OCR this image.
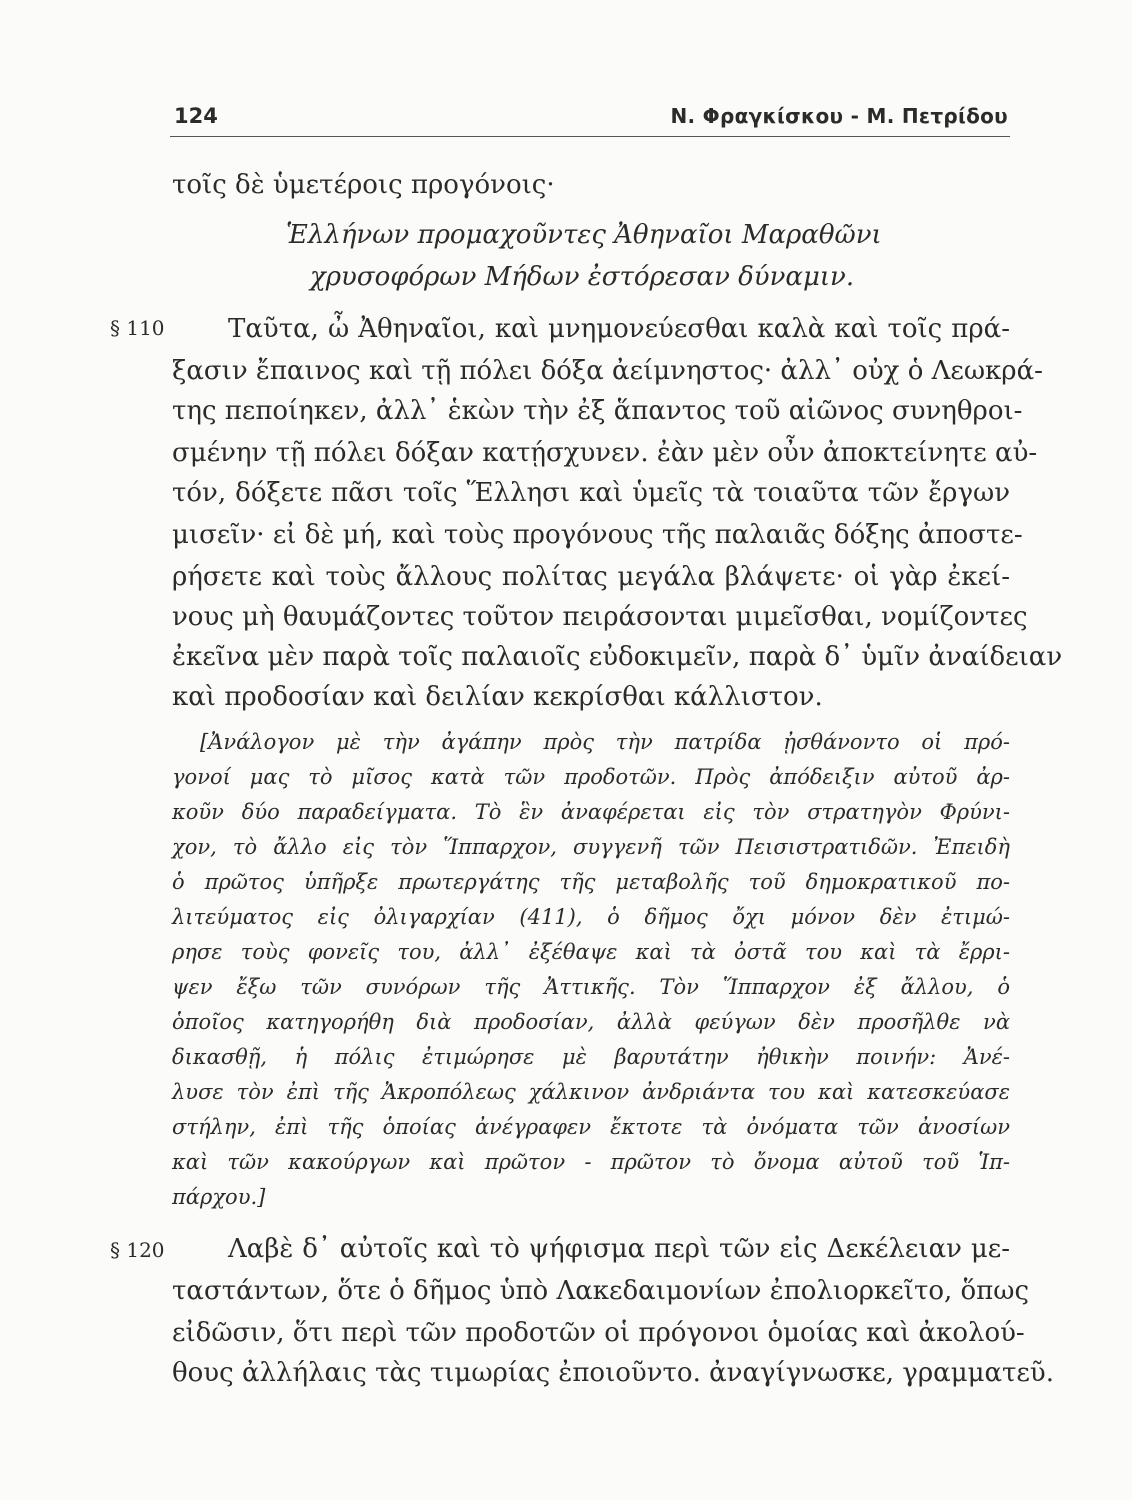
124	Ν. Φραγκίσκου - Μ. Πετρίδου
τοῖς δὲ ὑμετέροις προγόνοις·
Ἑλλήνων προμαχοῦντες Ἀθηναῖοι Μαραθῶνι
χρυσοφόρων Μήδων ἐστόρεσαν δύναμιν.
§ 110 Ταῦτα, ὦ Ἀθηναῖοι, καὶ μνημονεύεσθαι καλὰ καὶ τοῖς πρά-
ξασιν ἔπαινος καὶ τῇ πόλει δόξα ἀείμνηστος· ἀλλ᾽ οὐχ ὁ Λεωκρά-
της πεποίηκεν, ἀλλ᾽ ἑκὼν τὴν ἐξ ἅπαντος τοῦ αἰῶνος συνηθροι-
σμένην τῇ πόλει δόξαν κατῄσχυνεν. ἐὰν μὲν οὖν ἀποκτείνητε αὐ-
τόν, δόξετε πᾶσι τοῖς Ἕλλησι καὶ ὑμεῖς τὰ τοιαῦτα τῶν ἔργων
μισεῖν· εἰ δὲ μή, καὶ τοὺς προγόνους τῆς παλαιᾶς δόξης ἀποστε-
ρήσετε καὶ τοὺς ἄλλους πολίτας μεγάλα βλάψετε· οἱ γὰρ ἐκεί-
νους μὴ θαυμάζοντες τοῦτον πειράσονται μιμεῖσθαι, νομίζοντες
ἐκεῖνα μὲν παρὰ τοῖς παλαιοῖς εὐδοκιμεῖν, παρὰ δ᾽ ὑμῖν ἀναίδειαν
καὶ προδοσίαν καὶ δειλίαν κεκρίσθαι κάλλιστον.
[Ἀνάλογον μὲ τὴν ἀγάπην πρὸς τὴν πατρίδα ᾐσθάνοντο οἱ πρό-
γονοί μας τὸ μῖσος κατὰ τῶν προδοτῶν. Πρὸς ἀπόδειξιν αὐτοῦ ἀρ-
κοῦν δύο παραδείγματα. Τὸ ἓν ἀναφέρεται εἰς τὸν στρατηγὸν Φρύνι-
χον, τὸ ἄλλο εἰς τὸν Ἵππαρχον, συγγενῆ τῶν Πεισιστρατιδῶν. Ἐπειδὴ
ὁ πρῶτος ὑπῆρξε πρωτεργάτης τῆς μεταβολῆς τοῦ δημοκρατικοῦ πο-
λιτεύματος εἰς ὀλιγαρχίαν (411), ὁ δῆμος ὄχι μόνον δὲν ἐτιμώ-
ρησε τοὺς φονεῖς του, ἀλλ᾽ ἐξέθαψε καὶ τὰ ὀστᾶ του καὶ τὰ ἔρρι-
ψεν ἔξω τῶν συνόρων τῆς Ἀττικῆς. Τὸν Ἵππαρχον ἐξ ἄλλου, ὁ
ὁποῖος κατηγορήθη διὰ προδοσίαν, ἀλλὰ φεύγων δὲν προσῆλθε νὰ
δικασθῇ, ἡ πόλις ἐτιμώρησε μὲ βαρυτάτην ἠθικὴν ποινήν: Ἀνέ-
λυσε τὸν ἐπὶ τῆς Ἀκροπόλεως χάλκινον ἀνδριάντα του καὶ κατεσκεύασε
στήλην, ἐπὶ τῆς ὁποίας ἀνέγραφεν ἔκτοτε τὰ ὀνόματα τῶν ἀνοσίων
καὶ τῶν κακούργων καὶ πρῶτον - πρῶτον τὸ ὄνομα αὐτοῦ τοῦ Ἱπ-
πάρχου.]
§ 120 Λαβὲ δ᾽ αὐτοῖς καὶ τὸ ψήφισμα περὶ τῶν εἰς Δεκέλειαν με-
ταστάντων, ὅτε ὁ δῆμος ὑπὸ Λακεδαιμονίων ἐπολιορκεῖτο, ὅπως
εἰδῶσιν, ὅτι περὶ τῶν προδοτῶν οἱ πρόγονοι ὁμοίας καὶ ἀκολού-
θους ἀλλήλαις τὰς τιμωρίας ἐποιοῦντο. ἀναγίγνωσκε, γραμματεῦ.
